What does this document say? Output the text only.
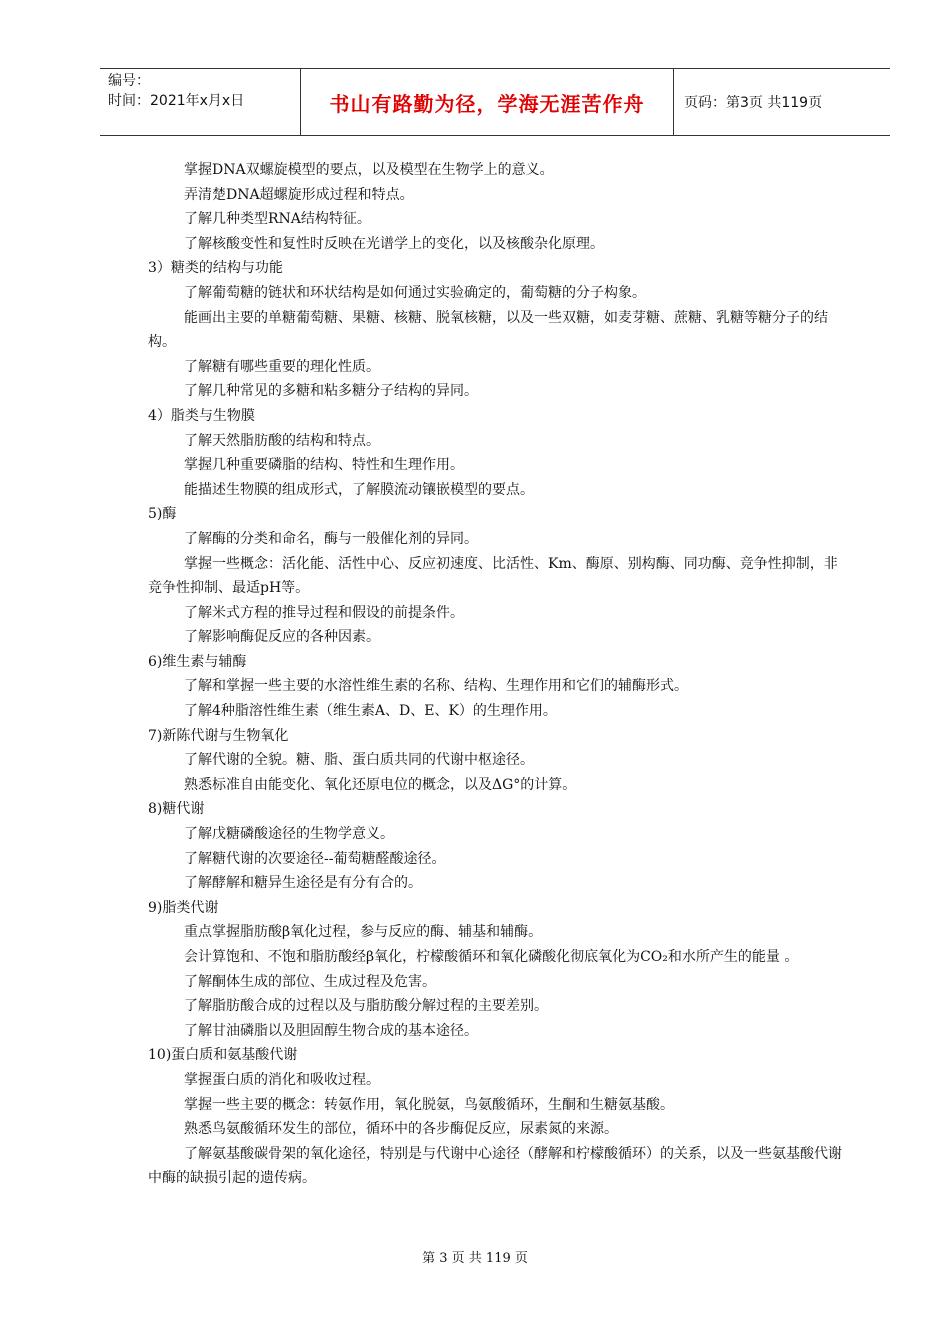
编号：
时间：2021年x月x日	书山有路勤为径，学海无涯苦作舟	页码：第3页 共119页

掌握DNA双螺旋模型的要点，以及模型在生物学上的意义。

弄清楚DNA超螺旋形成过程和特点。

了解几种类型RNA结构特征。

了解核酸变性和复性时反映在光谱学上的变化，以及核酸杂化原理。

3）糖类的结构与功能

了解葡萄糖的链状和环状结构是如何通过实验确定的，葡萄糖的分子构象。

能画出主要的单糖葡萄糖、果糖、核糖、脱氧核糖，以及一些双糖，如麦芽糖、蔗糖、乳糖等糖分子的结构。

了解糖有哪些重要的理化性质。

了解几种常见的多糖和粘多糖分子结构的异同。

4）脂类与生物膜

了解天然脂肪酸的结构和特点。

掌握几种重要磷脂的结构、特性和生理作用。

能描述生物膜的组成形式，了解膜流动镶嵌模型的要点。

5)酶

了解酶的分类和命名，酶与一般催化剂的异同。

掌握一些概念：活化能、活性中心、反应初速度、比活性、Km、酶原、别构酶、同功酶、竞争性抑制，非竞争性抑制、最适pH等。

了解米式方程的推导过程和假设的前提条件。

了解影响酶促反应的各种因素。

6)维生素与辅酶

了解和掌握一些主要的水溶性维生素的名称、结构、生理作用和它们的辅酶形式。

了解4种脂溶性维生素（维生素A、D、E、K）的生理作用。

7)新陈代谢与生物氧化

了解代谢的全貌。糖、脂、蛋白质共同的代谢中枢途径。

熟悉标准自由能变化、氧化还原电位的概念，以及ΔG°的计算。

8)糖代谢

了解戊糖磷酸途径的生物学意义。

了解糖代谢的次要途径--葡萄糖醛酸途径。

了解酵解和糖异生途径是有分有合的。

9)脂类代谢

重点掌握脂肪酸β氧化过程，参与反应的酶、辅基和辅酶。

会计算饱和、不饱和脂肪酸经β氧化，柠檬酸循环和氧化磷酸化彻底氧化为CO₂和水所产生的能量 。

了解酮体生成的部位、生成过程及危害。

了解脂肪酸合成的过程以及与脂肪酸分解过程的主要差别。

了解甘油磷脂以及胆固醇生物合成的基本途径。

10)蛋白质和氨基酸代谢

掌握蛋白质的消化和吸收过程。

掌握一些主要的概念：转氨作用，氧化脱氨，鸟氨酸循环，生酮和生糖氨基酸。

熟悉鸟氨酸循环发生的部位，循环中的各步酶促反应，尿素氮的来源。

了解氨基酸碳骨架的氧化途径，特别是与代谢中心途径（酵解和柠檬酸循环）的关系，以及一些氨基酸代谢中酶的缺损引起的遗传病。

第 3 页 共 119 页
